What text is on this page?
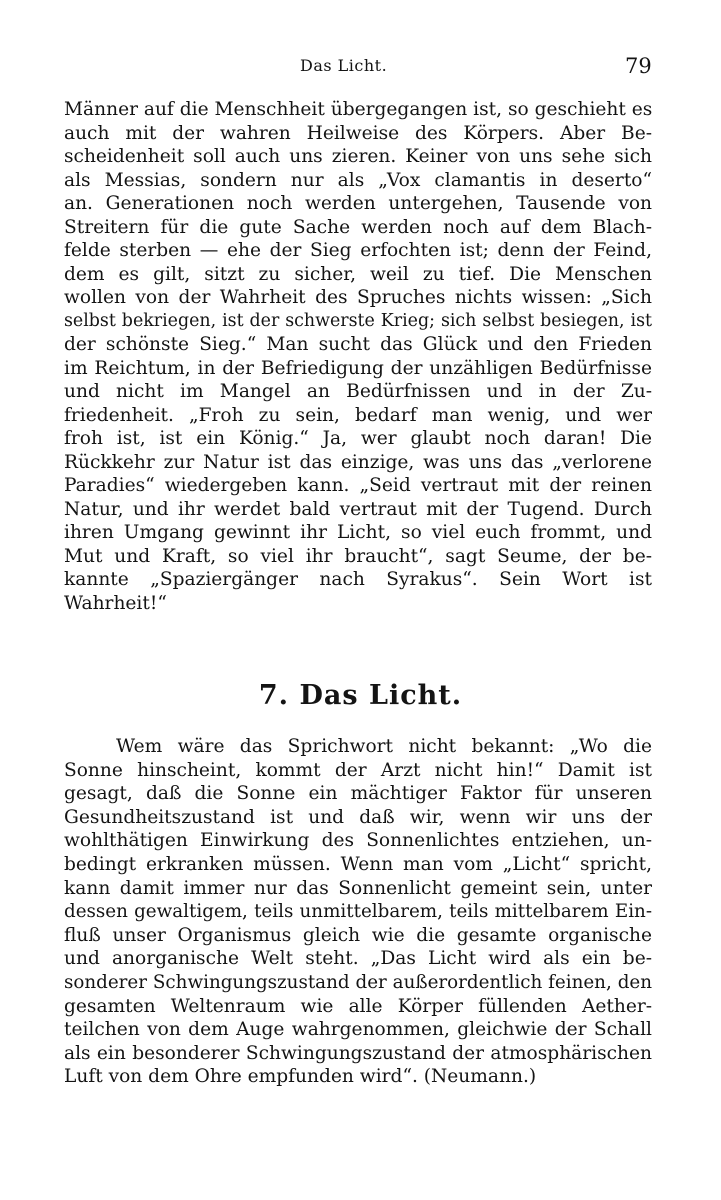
Das Licht.	79
Männer auf die Menschheit übergegangen ist, so geschieht es
auch mit der wahren Heilweise des Körpers. Aber Be-
scheidenheit soll auch uns zieren. Keiner von uns sehe sich
als Messias, sondern nur als „Vox clamantis in deserto“
an. Generationen noch werden untergehen, Tausende von
Streitern für die gute Sache werden noch auf dem Blach-
felde sterben — ehe der Sieg erfochten ist; denn der Feind,
dem es gilt, sitzt zu sicher, weil zu tief. Die Menschen
wollen von der Wahrheit des Spruches nichts wissen: „Sich
selbst bekriegen, ist der schwerste Krieg; sich selbst besiegen, ist
der schönste Sieg.“ Man sucht das Glück und den Frieden
im Reichtum, in der Befriedigung der unzähligen Bedürfnisse
und nicht im Mangel an Bedürfnissen und in der Zu-
friedenheit. „Froh zu sein, bedarf man wenig, und wer
froh ist, ist ein König.“ Ja, wer glaubt noch daran! Die
Rückkehr zur Natur ist das einzige, was uns das „verlorene
Paradies“ wiedergeben kann. „Seid vertraut mit der reinen
Natur, und ihr werdet bald vertraut mit der Tugend. Durch
ihren Umgang gewinnt ihr Licht, so viel euch frommt, und
Mut und Kraft, so viel ihr braucht“, sagt Seume, der be-
kannte „Spaziergänger nach Syrakus“. Sein Wort ist
Wahrheit!“
7. Das Licht.
Wem wäre das Sprichwort nicht bekannt: „Wo die
Sonne hinscheint, kommt der Arzt nicht hin!“ Damit ist
gesagt, daß die Sonne ein mächtiger Faktor für unseren
Gesundheitszustand ist und daß wir, wenn wir uns der
wohlthätigen Einwirkung des Sonnenlichtes entziehen, un-
bedingt erkranken müssen. Wenn man vom „Licht“ spricht,
kann damit immer nur das Sonnenlicht gemeint sein, unter
dessen gewaltigem, teils unmittelbarem, teils mittelbarem Ein-
fluß unser Organismus gleich wie die gesamte organische
und anorganische Welt steht. „Das Licht wird als ein be-
sonderer Schwingungszustand der außerordentlich feinen, den
gesamten Weltenraum wie alle Körper füllenden Aether-
teilchen von dem Auge wahrgenommen, gleichwie der Schall
als ein besonderer Schwingungszustand der atmosphärischen
Luft von dem Ohre empfunden wird“. (Neumann.)
